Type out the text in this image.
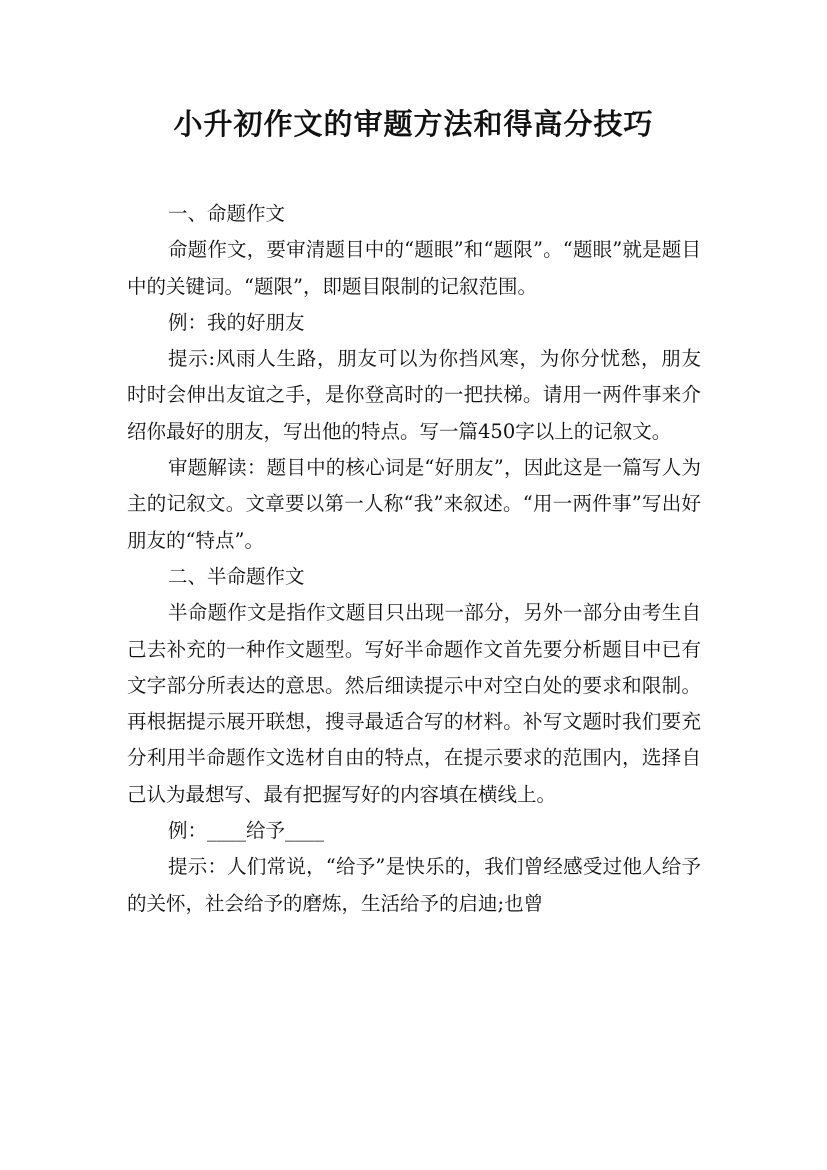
小升初作文的审题方法和得高分技巧

一、命题作文

命题作文，要审清题目中的“题眼”和“题限”。“题眼”就是题目中的关键词。“题限”，即题目限制的记叙范围。

例：我的好朋友

提示:风雨人生路，朋友可以为你挡风寒，为你分忧愁，朋友时时会伸出友谊之手，是你登高时的一把扶梯。请用一两件事来介绍你最好的朋友，写出他的特点。写一篇450字以上的记叙文。

审题解读：题目中的核心词是“好朋友”，因此这是一篇写人为主的记叙文。文章要以第一人称“我”来叙述。“用一两件事”写出好朋友的“特点”。

二、半命题作文

半命题作文是指作文题目只出现一部分，另外一部分由考生自己去补充的一种作文题型。写好半命题作文首先要分析题目中已有文字部分所表达的意思。然后细读提示中对空白处的要求和限制。再根据提示展开联想，搜寻最适合写的材料。补写文题时我们要充分利用半命题作文选材自由的特点，在提示要求的范围内，选择自己认为最想写、最有把握写好的内容填在横线上。

例：____给予____

提示：人们常说，“给予”是快乐的，我们曾经感受过他人给予的关怀，社会给予的磨炼，生活给予的启迪;也曾
